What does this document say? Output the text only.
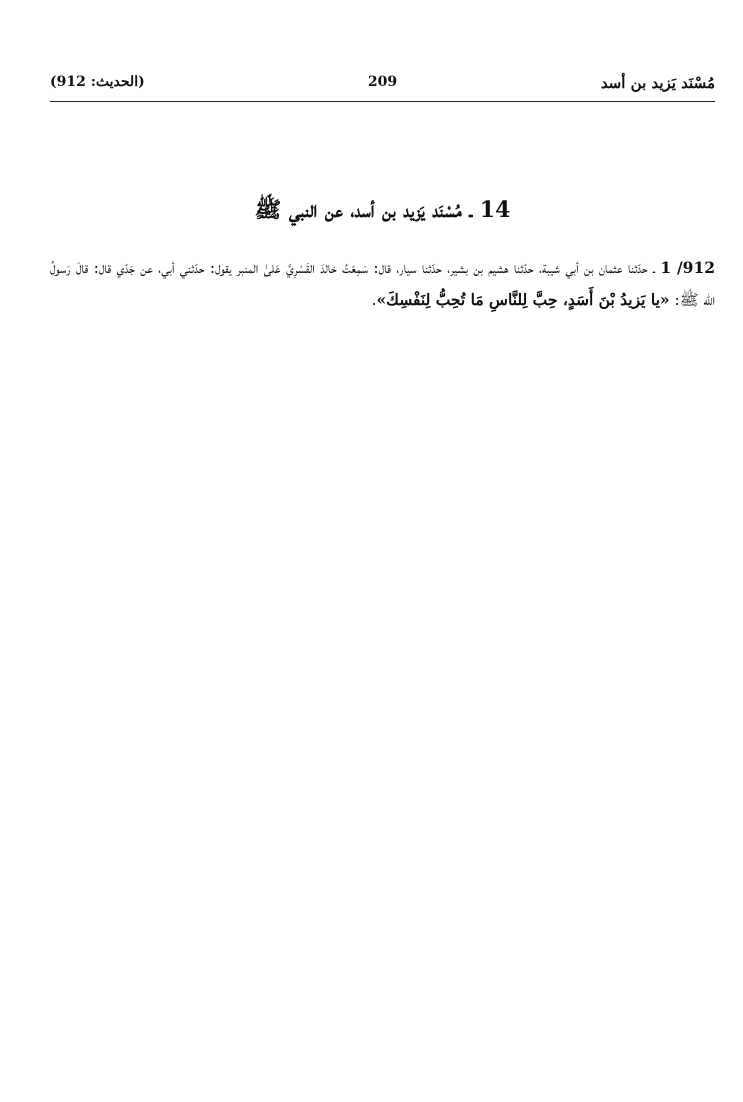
مُسْنَد يَزيد بن أسد
209
(الحديث: 912)
14 ـ مُسْنَد يَزيد بن أسد، عن النبي ﷺ
912/ 1 ـ حدّثنا عثمان بن أبي شيبة، حدّثنا هشيم بن بشير، حدّثنا سيار، قال: سَمِعْتُ خالدَ القَسْرِيَّ عَلىٰ المنبر يقول: حدّثني أبي، عن جَدّي قال: قالَ رَسولُ الله ﷺ: «يا يَزيدُ بْنَ أَسَدٍ، حِبَّ لِلنَّاسِ مَا تُحِبُّ لِنَفْسِكَ».
